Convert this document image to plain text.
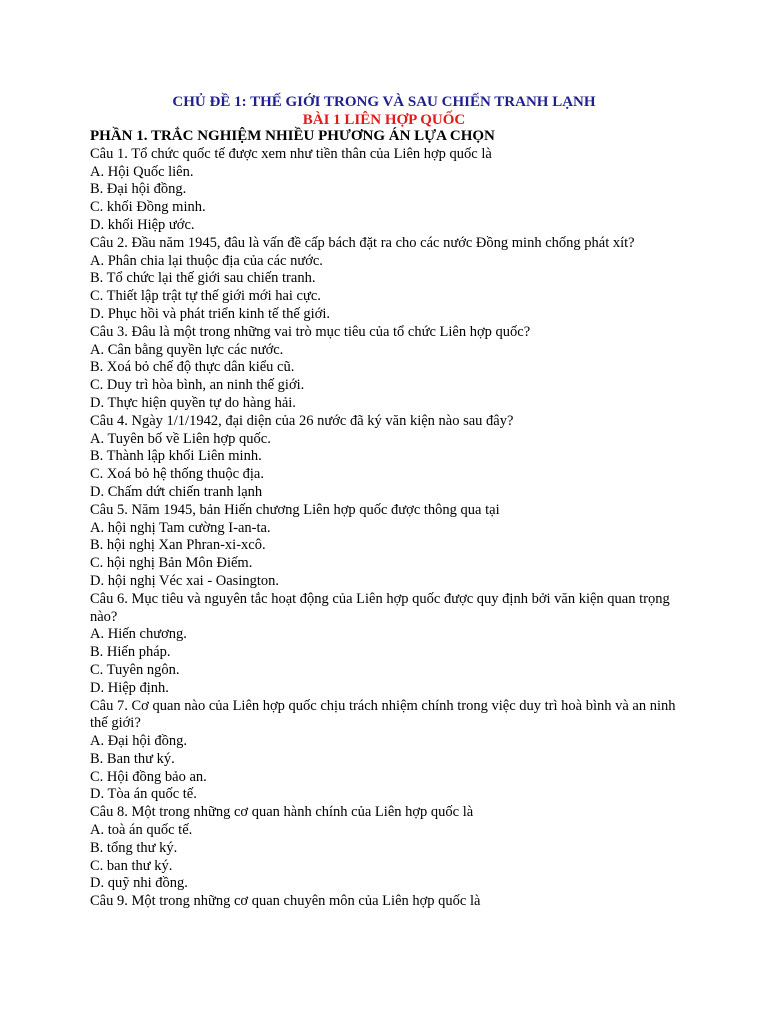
CHỦ ĐỀ 1: THẾ GIỚI TRONG VÀ SAU CHIẾN TRANH LẠNH
BÀI 1 LIÊN HỢP QUỐC
PHẦN 1. TRẮC NGHIỆM NHIỀU PHƯƠNG ÁN LỰA CHỌN
Câu 1. Tổ chức quốc tế được xem như tiền thân của Liên hợp quốc là
A. Hội Quốc liên.
B. Đại hội đồng.
C. khối Đồng minh.
D. khối Hiệp ước.
Câu 2. Đầu năm 1945, đâu là vấn đề cấp bách đặt ra cho các nước Đồng minh chống phát xít?
A. Phân chia lại thuộc địa của các nước.
B. Tổ chức lại thế giới sau chiến tranh.
C. Thiết lập trật tự thế giới mới hai cực.
D. Phục hồi và phát triển kinh tế thế giới.
Câu 3. Đâu là một trong những vai trò mục tiêu của tổ chức Liên hợp quốc?
A. Cân bằng quyền lực các nước.
B. Xoá bỏ chế độ thực dân kiểu cũ.
C. Duy trì hòa bình, an ninh thế giới.
D. Thực hiện quyền tự do hàng hải.
Câu 4. Ngày 1/1/1942, đại diện của 26 nước đã ký văn kiện nào sau đây?
A. Tuyên bố về Liên hợp quốc.
B. Thành lập khối Liên minh.
C. Xoá bỏ hệ thống thuộc địa.
D. Chấm dứt chiến tranh lạnh
Câu 5. Năm 1945, bản Hiến chương Liên hợp quốc được thông qua tại
A. hội nghị Tam cường I-an-ta.
B. hội nghị Xan Phran-xi-xcô.
C. hội nghị Bản Môn Điếm.
D. hội nghị Véc xai - Oasington.
Câu 6. Mục tiêu và nguyên tắc hoạt động của Liên hợp quốc được quy định bởi văn kiện quan trọng nào?
A. Hiến chương.
B. Hiến pháp.
C. Tuyên ngôn.
D. Hiệp định.
Câu 7. Cơ quan nào của Liên hợp quốc chịu trách nhiệm chính trong việc duy trì hoà bình và an ninh thế giới?
A. Đại hội đồng.
B. Ban thư ký.
C. Hội đồng bảo an.
D. Tòa án quốc tế.
Câu 8. Một trong những cơ quan hành chính của Liên hợp quốc là
A. toà án quốc tế.
B. tổng thư ký.
C. ban thư ký.
D. quỹ nhi đồng.
Câu 9. Một trong những cơ quan chuyên môn của Liên hợp quốc là
